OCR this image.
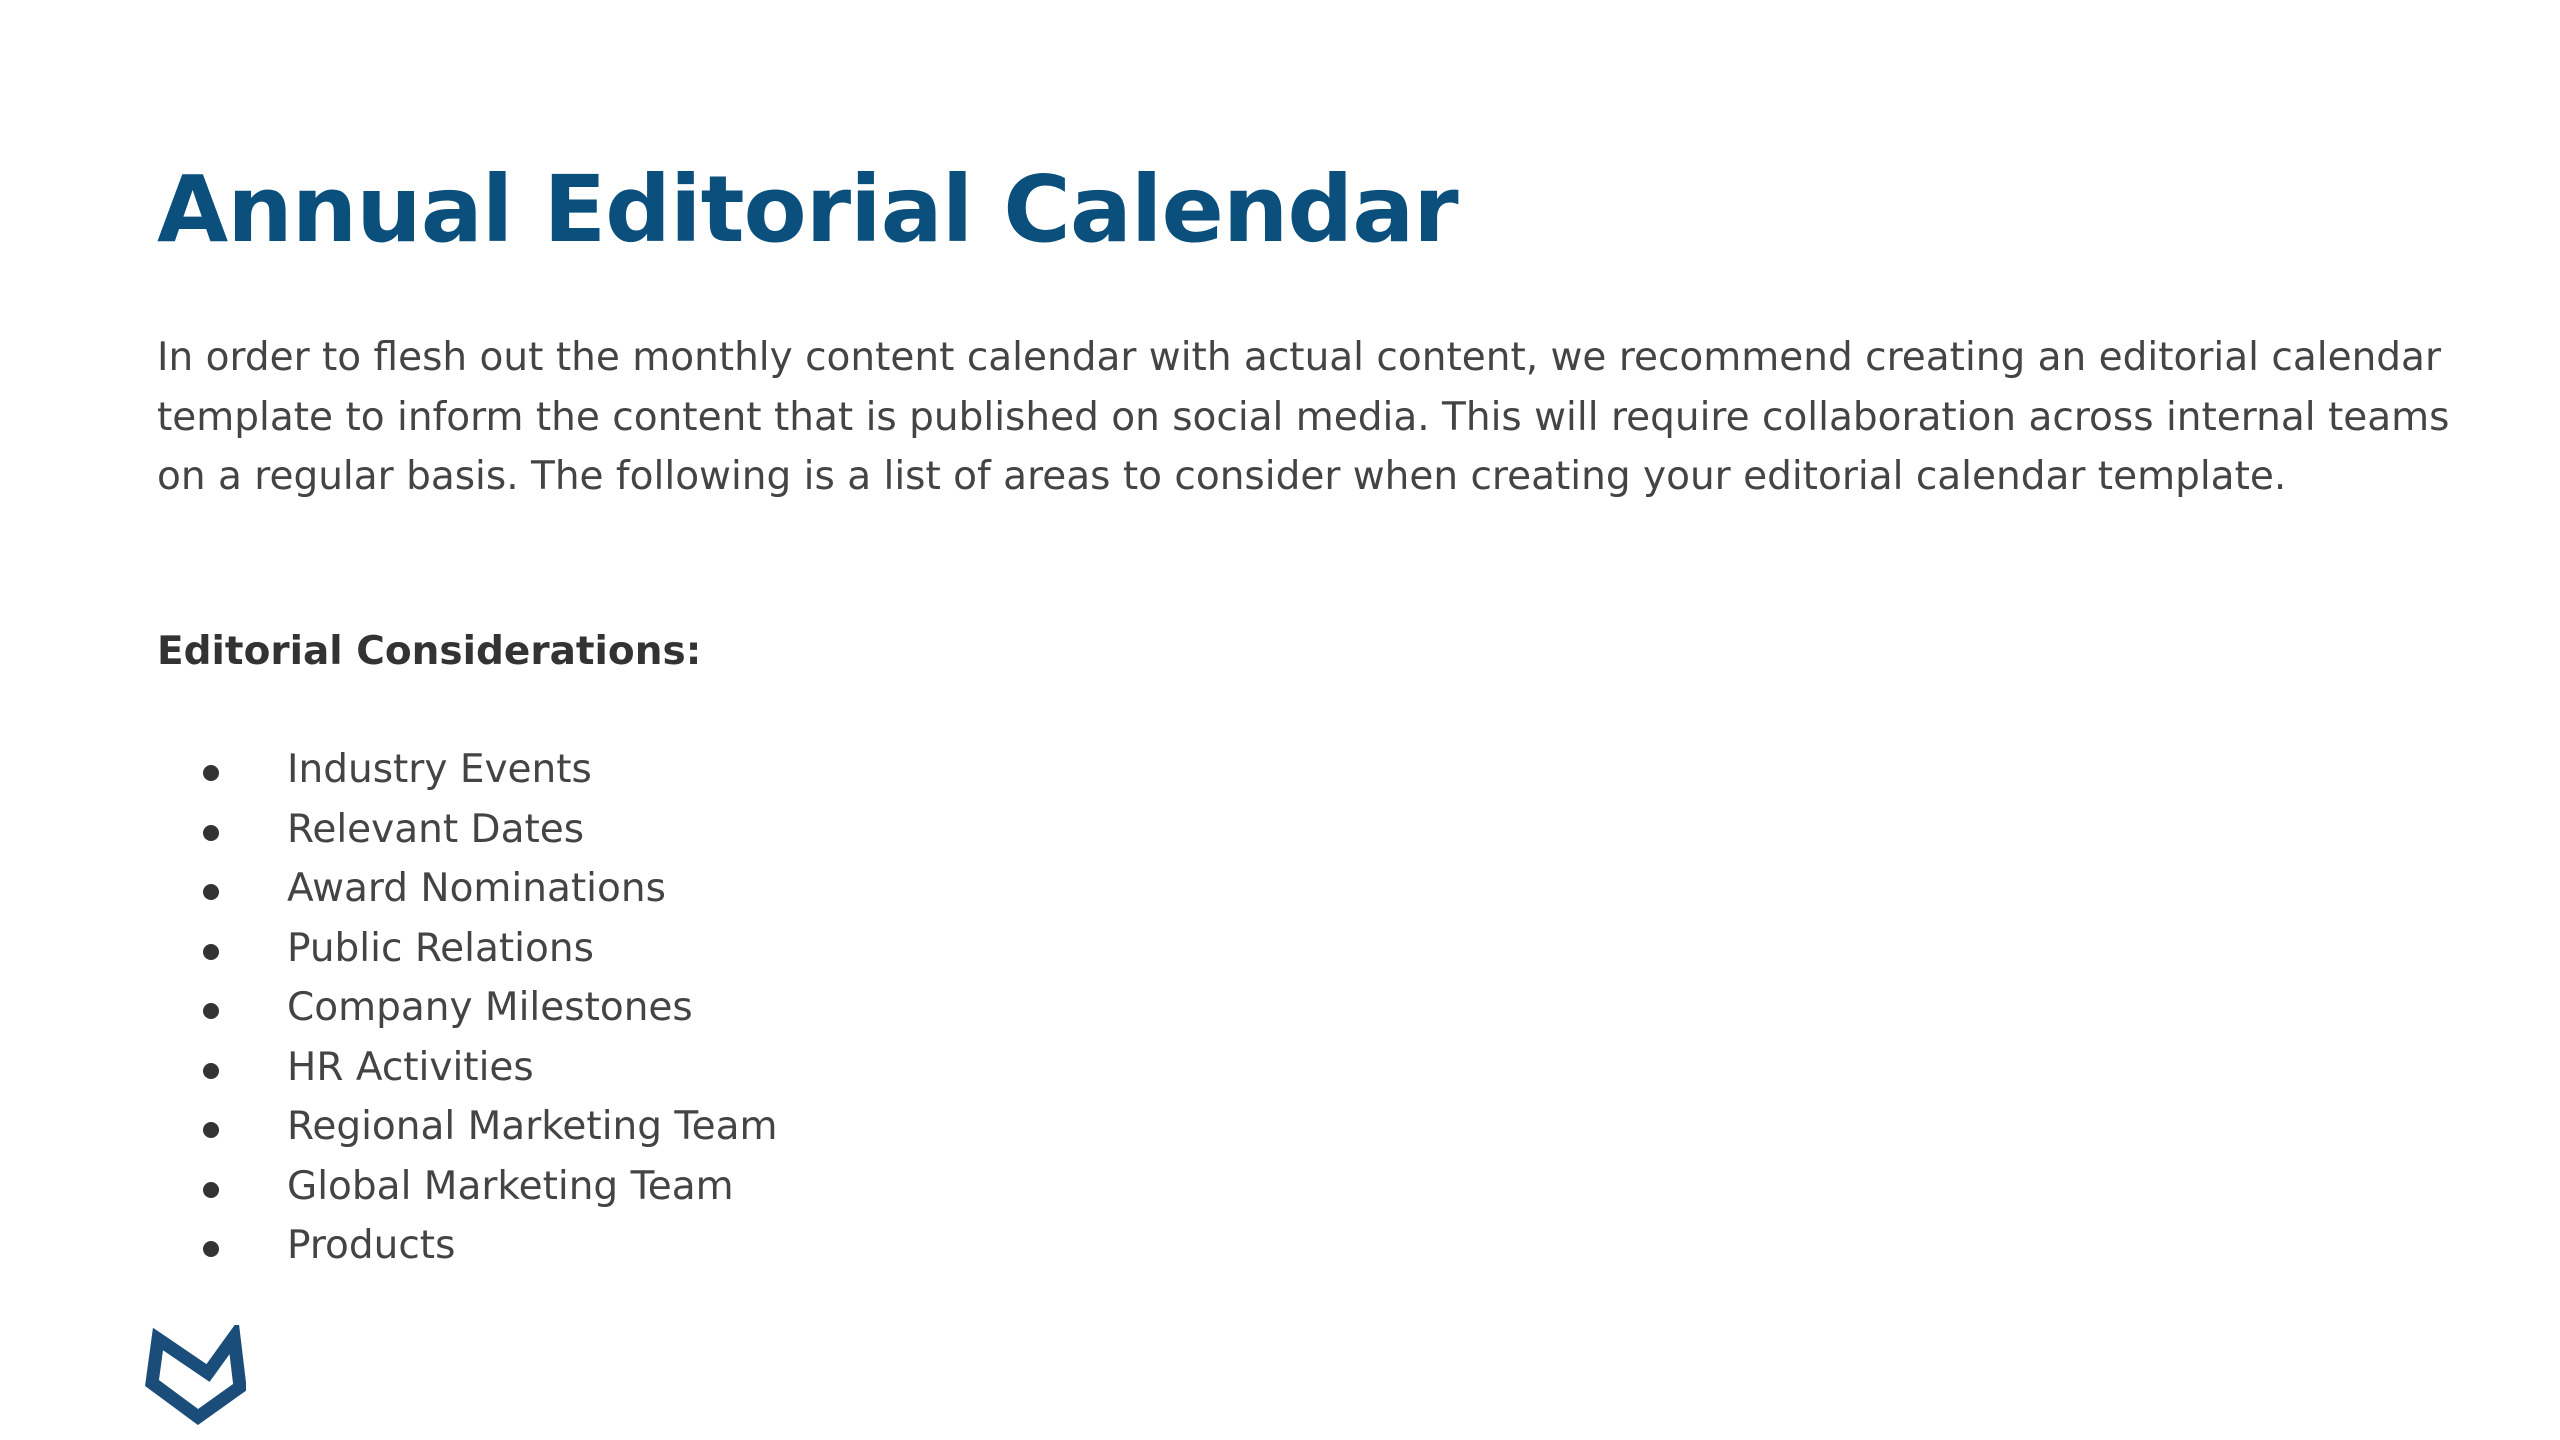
Annual Editorial Calendar

In order to flesh out the monthly content calendar with actual content, we recommend creating an editorial calendar template to inform the content that is published on social media. This will require collaboration across internal teams on a regular basis. The following is a list of areas to consider when creating your editorial calendar template.

Editorial Considerations:
Industry Events
Relevant Dates
Award Nominations
Public Relations
Company Milestones
HR Activities
Regional Marketing Team
Global Marketing Team
Products
